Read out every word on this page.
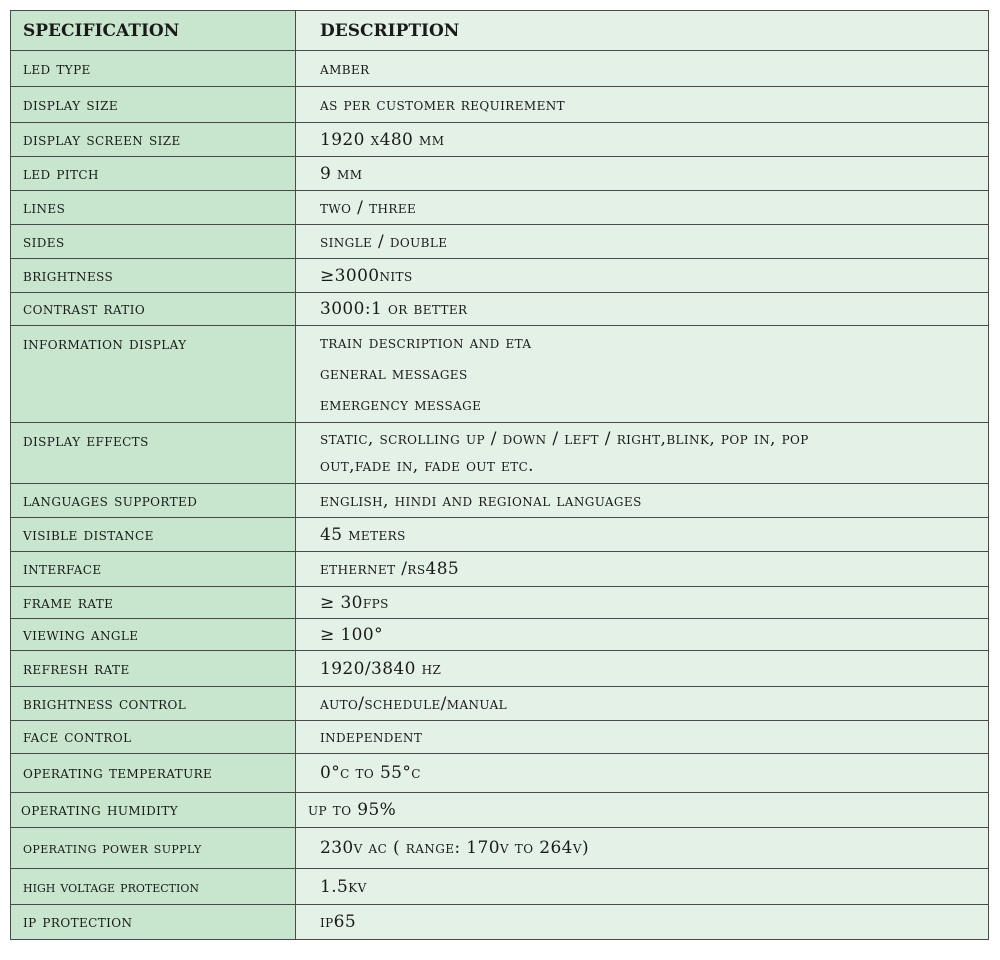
SPECIFICATION	DESCRIPTION
led type	amber
display size	as per customer requirement
display screen size	1920 x480 mm
led pitch	9 mm
lines	two / three
sides	single / double
brightness	≥3000nits
contrast ratio	3000:1 or better
information display	train description and eta
general messages
emergency message

display effects	static, scrolling up / down / left / right,blink, pop in, pop
out,fade in, fade out etc.

languages supported	english, hindi and regional languages
visible distance	45 meters
interface	ethernet /rs485
frame rate	≥ 30fps
viewing angle	≥ 100°
refresh rate	1920/3840 hz
brightness control	auto/schedule/manual
face control	independent
operating temperature	0°c to 55°c
operating humidity	up to 95%
operating power supply	230v ac ( range: 170v to 264v)
high voltage protection	1.5kv
ip protection	ip65
